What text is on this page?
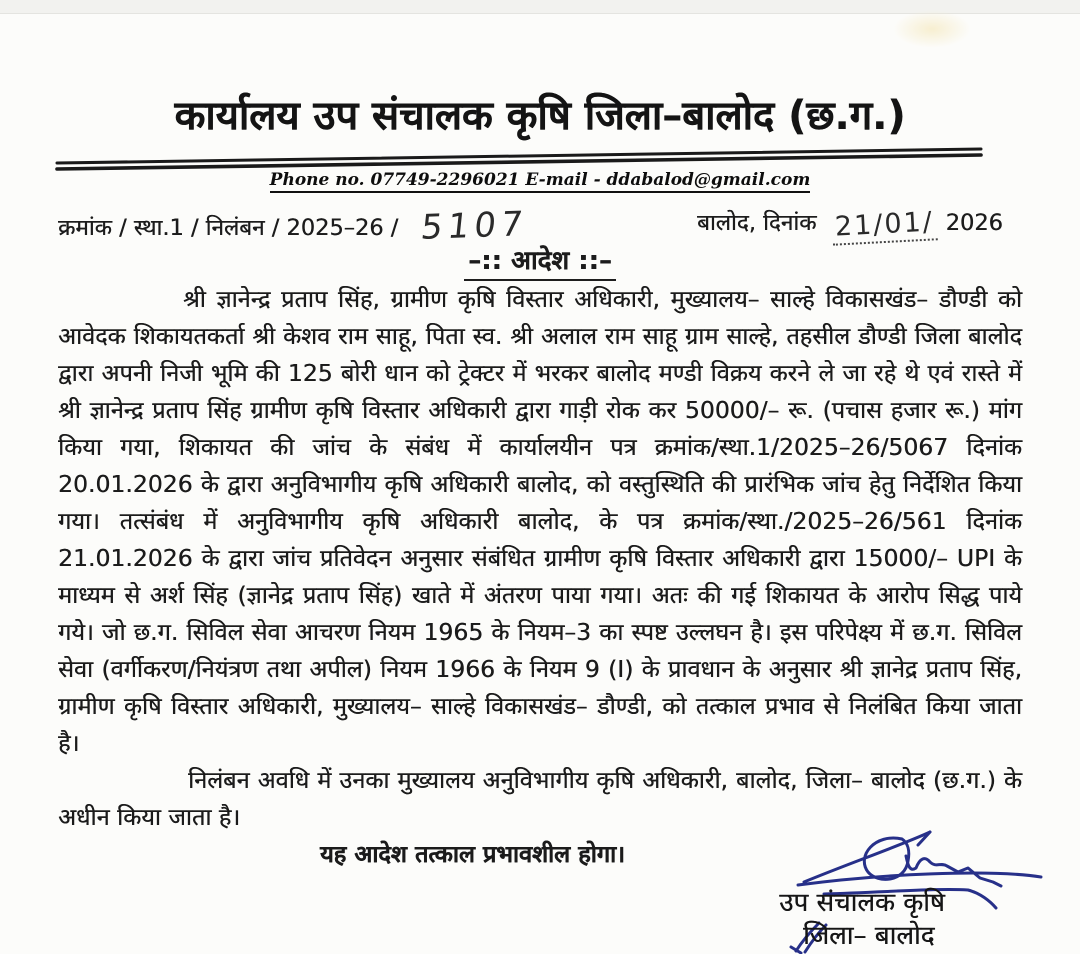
कार्यालय उप संचालक कृषि जिला–बालोद (छ.ग.)
Phone no. 07749-2296021 E-mail - ddabalod@gmail.com
क्रमांक / स्था.1 / निलंबन / 2025–26 / 5107	बालोद, दिनांक 21/01/ 2026
–:: आदेश ::–

श्री ज्ञानेन्द्र प्रताप सिंह, ग्रामीण कृषि विस्तार अधिकारी, मुख्यालय– साल्हे विकासखंड– डौण्डी को आवेदक शिकायतकर्ता श्री केशव राम साहू, पिता स्व. श्री अलाल राम साहू ग्राम साल्हे, तहसील डौण्डी जिला बालोद द्वारा अपनी निजी भूमि की 125 बोरी धान को ट्रेक्टर में भरकर बालोद मण्डी विक्रय करने ले जा रहे थे एवं रास्ते में श्री ज्ञानेन्द्र प्रताप सिंह ग्रामीण कृषि विस्तार अधिकारी द्वारा गाड़ी रोक कर 50000/– रू. (पचास हजार रू.) मांग किया गया, शिकायत की जांच के संबंध में कार्यालयीन पत्र क्रमांक/स्था.1/2025–26/5067 दिनांक 20.01.2026 के द्वारा अनुविभागीय कृषि अधिकारी बालोद, को वस्तुस्थिति की प्रारंभिक जांच हेतु निर्देशित किया गया। तत्संबंध में अनुविभागीय कृषि अधिकारी बालोद, के पत्र क्रमांक/स्था./2025–26/561 दिनांक 21.01.2026 के द्वारा जांच प्रतिवेदन अनुसार संबंधित ग्रामीण कृषि विस्तार अधिकारी द्वारा 15000/– UPI के माध्यम से अर्श सिंह (ज्ञानेद्र प्रताप सिंह) खाते में अंतरण पाया गया। अतः की गई शिकायत के आरोप सिद्ध पाये गये। जो छ.ग. सिविल सेवा आचरण नियम 1965 के नियम–3 का स्पष्ट उल्लघन है। इस परिपेक्ष्य में छ.ग. सिविल सेवा (वर्गीकरण/नियंत्रण तथा अपील) नियम 1966 के नियम 9 (I) के प्रावधान के अनुसार श्री ज्ञानेद्र प्रताप सिंह, ग्रामीण कृषि विस्तार अधिकारी, मुख्यालय– साल्हे विकासखंड– डौण्डी, को तत्काल प्रभाव से निलंबित किया जाता है।

निलंबन अवधि में उनका मुख्यालय अनुविभागीय कृषि अधिकारी, बालोद, जिला– बालोद (छ.ग.) के अधीन किया जाता है।

यह आदेश तत्काल प्रभावशील होगा।

उप संचालक कृषि
जिला– बालोद
